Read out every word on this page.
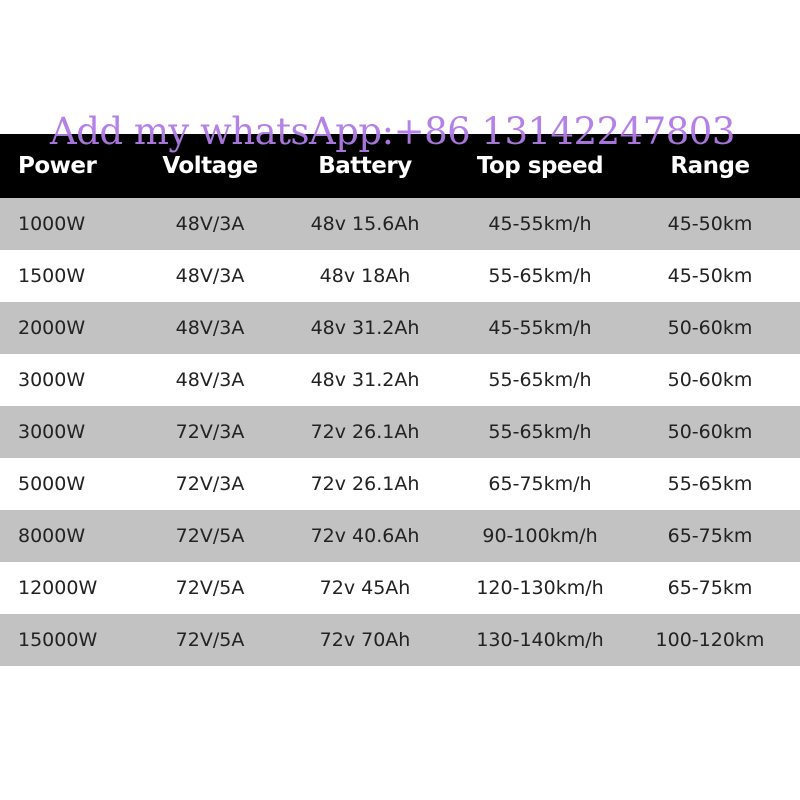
Power	Voltage	Battery	Top speed	Range
1000W	48V/3A	48v 15.6Ah	45-55km/h	45-50km
1500W	48V/3A	48v 18Ah	55-65km/h	45-50km
2000W	48V/3A	48v 31.2Ah	45-55km/h	50-60km
3000W	48V/3A	48v 31.2Ah	55-65km/h	50-60km
3000W	72V/3A	72v 26.1Ah	55-65km/h	50-60km
5000W	72V/3A	72v 26.1Ah	65-75km/h	55-65km
8000W	72V/5A	72v 40.6Ah	90-100km/h	65-75km
12000W	72V/5A	72v 45Ah	120-130km/h	65-75km
15000W	72V/5A	72v 70Ah	130-140km/h	100-120km
Add my whatsApp:+86 13142247803
